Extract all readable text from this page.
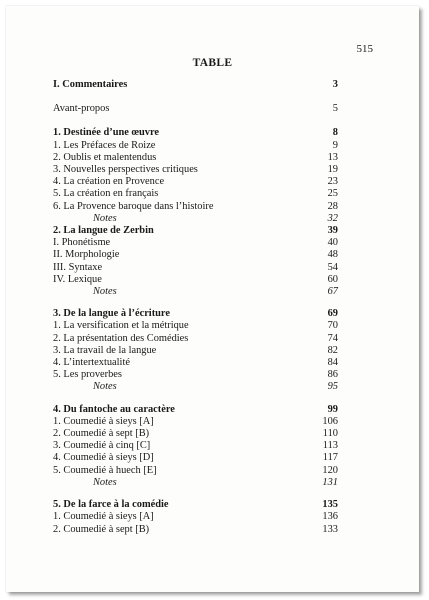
515
TABLE
I. Commentaires	3
Avant-propos	5
1. Destinée d’une œuvre	8
1. Les Préfaces de Roize	9
2. Oublis et malentendus	13
3. Nouvelles perspectives critiques	19
4. La création en Provence	23
5. La création en français	25
6. La Provence baroque dans l’histoire	28
Notes	32
2. La langue de Zerbin	39
I. Phonétisme	40
II. Morphologie	48
III. Syntaxe	54
IV. Lexique	60
Notes	67
3. De la langue à l’écriture	69
1. La versification et la métrique	70
2. La présentation des Comédies	74
3. La travail de la langue	82
4. L’intertextualité	84
5. Les proverbes	86
Notes	95
4. Du fantoche au caractère	99
1. Coumedié à sieys [A]	106
2. Coumedié à sept [B)	110
3. Coumedié à cinq [C]	113
4. Coumedié à sieys [D]	117
5. Coumedié à huech [E]	120
Notes	131
5. De la farce à la comédie	135
1. Coumedié à sieys [A]	136
2. Coumedié à sept [B)	133
